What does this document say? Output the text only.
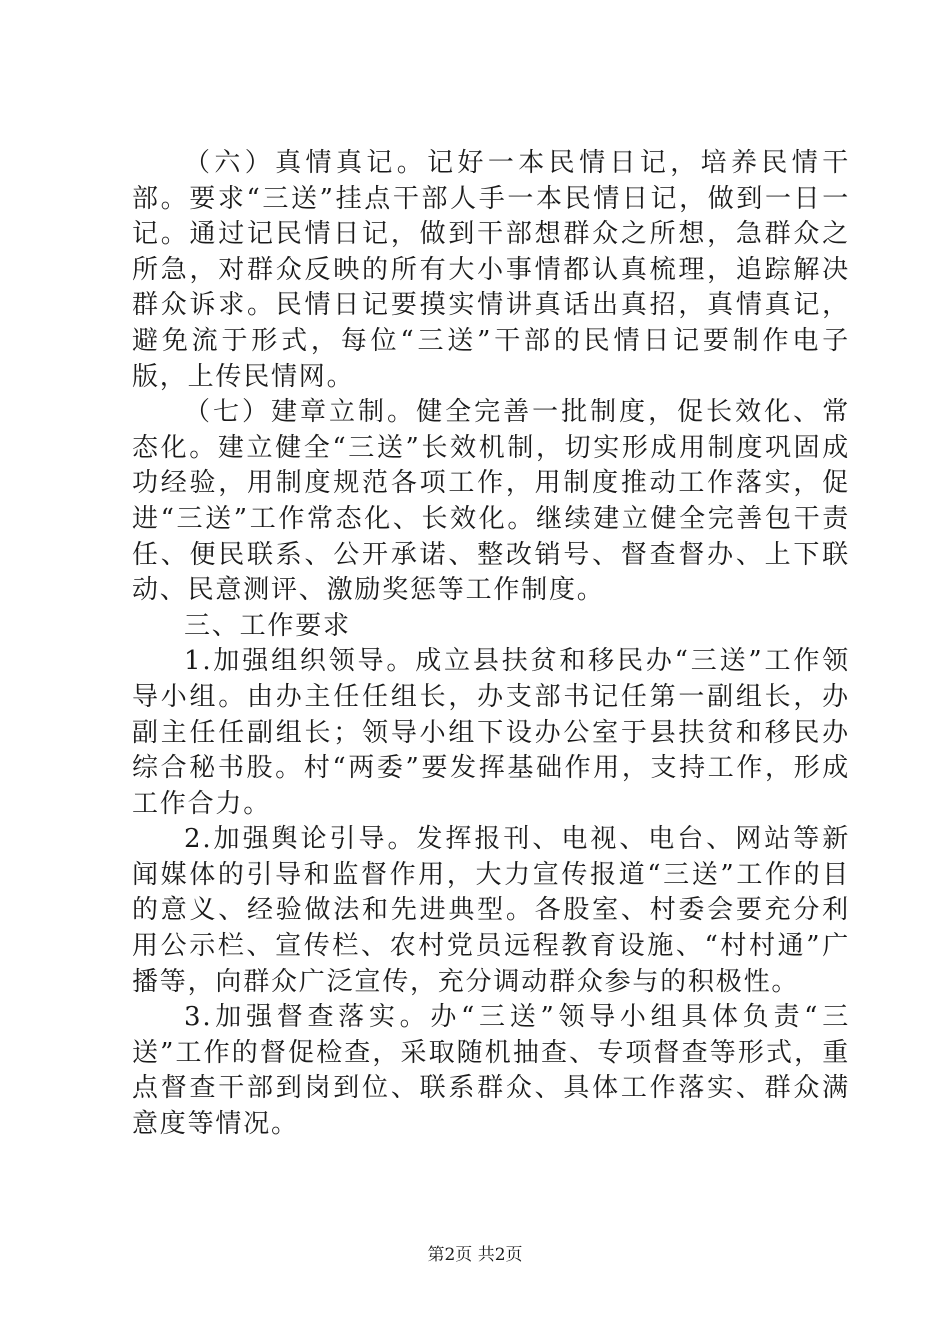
（六）真情真记。记好一本民情日记，培养民情干部。要求“三送”挂点干部人手一本民情日记，做到一日一记。通过记民情日记，做到干部想群众之所想，急群众之所急，对群众反映的所有大小事情都认真梳理，追踪解决群众诉求。民情日记要摸实情讲真话出真招，真情真记，避免流于形式，每位“三送”干部的民情日记要制作电子版，上传民情网。

（七）建章立制。健全完善一批制度，促长效化、常态化。建立健全“三送”长效机制，切实形成用制度巩固成功经验，用制度规范各项工作，用制度推动工作落实，促进“三送”工作常态化、长效化。继续建立健全完善包干责任、便民联系、公开承诺、整改销号、督查督办、上下联动、民意测评、激励奖惩等工作制度。

三、工作要求

1.加强组织领导。成立县扶贫和移民办“三送”工作领导小组。由办主任任组长，办支部书记任第一副组长，办副主任任副组长；领导小组下设办公室于县扶贫和移民办综合秘书股。村“两委”要发挥基础作用，支持工作，形成工作合力。

2.加强舆论引导。发挥报刊、电视、电台、网站等新闻媒体的引导和监督作用，大力宣传报道“三送”工作的目的意义、经验做法和先进典型。各股室、村委会要充分利用公示栏、宣传栏、农村党员远程教育设施、“村村通”广播等，向群众广泛宣传，充分调动群众参与的积极性。

3.加强督查落实。办“三送”领导小组具体负责“三送”工作的督促检查，采取随机抽查、专项督查等形式，重点督查干部到岗到位、联系群众、具体工作落实、群众满意度等情况。

第2页 共2页
